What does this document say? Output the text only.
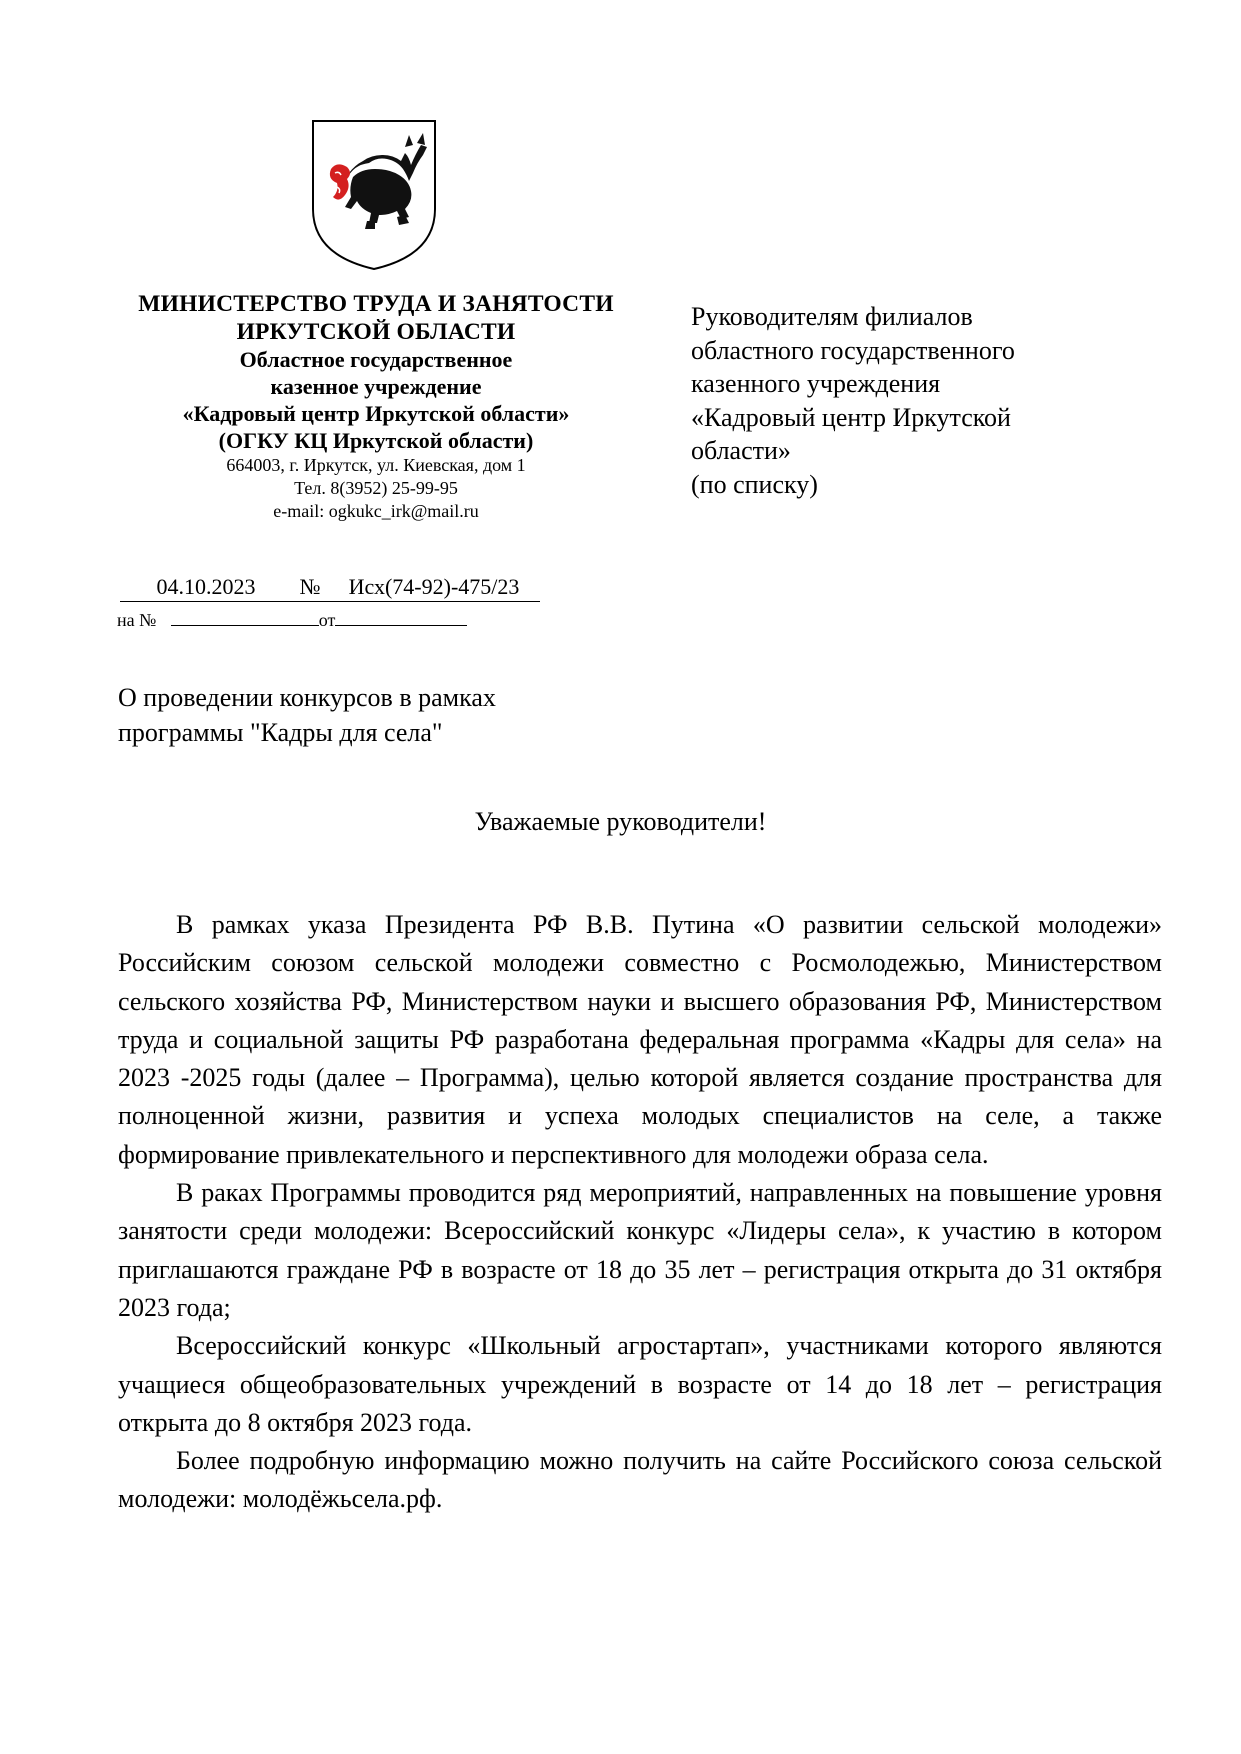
МИНИСТЕРСТВО ТРУДА И ЗАНЯТОСТИ
ИРКУТСКОЙ ОБЛАСТИ
Областное государственное
казенное учреждение
«Кадровый центр Иркутской области»
(ОГКУ КЦ Иркутской области)
664003, г. Иркутск, ул. Киевская, дом 1
Тел. 8(3952) 25-99-95
e-mail: ogkukc_irk@mail.ru
Руководителям филиалов
областного государственного
казенного учреждения
«Кадровый центр Иркутской
области»
(по списку)
04.10.2023 № Исх(74-92)-475/23
на №	от
О проведении конкурсов в рамках
программы "Кадры для села"
Уважаемые руководители!

В рамках указа Президента РФ В.В. Путина «О развитии сельской молодежи» Российским союзом сельской молодежи совместно с Росмолодежью, Министерством сельского хозяйства РФ, Министерством науки и высшего образования РФ, Министерством труда и социальной защиты РФ разработана федеральная программа «Кадры для села» на 2023 -2025 годы (далее – Программа), целью которой является создание пространства для полноценной жизни, развития и успеха молодых специалистов на селе, а также формирование привлекательного и перспективного для молодежи образа села.

В раках Программы проводится ряд мероприятий, направленных на повышение уровня занятости среди молодежи: Всероссийский конкурс «Лидеры села», к участию в котором приглашаются граждане РФ в возрасте от 18 до 35 лет – регистрация открыта до 31 октября 2023 года;

Всероссийский конкурс «Школьный агростартап», участниками которого являются учащиеся общеобразовательных учреждений в возрасте от 14 до 18 лет – регистрация открыта до 8 октября 2023 года.

Более подробную информацию можно получить на сайте Российского союза сельской молодежи: молодёжьсела.рф.
